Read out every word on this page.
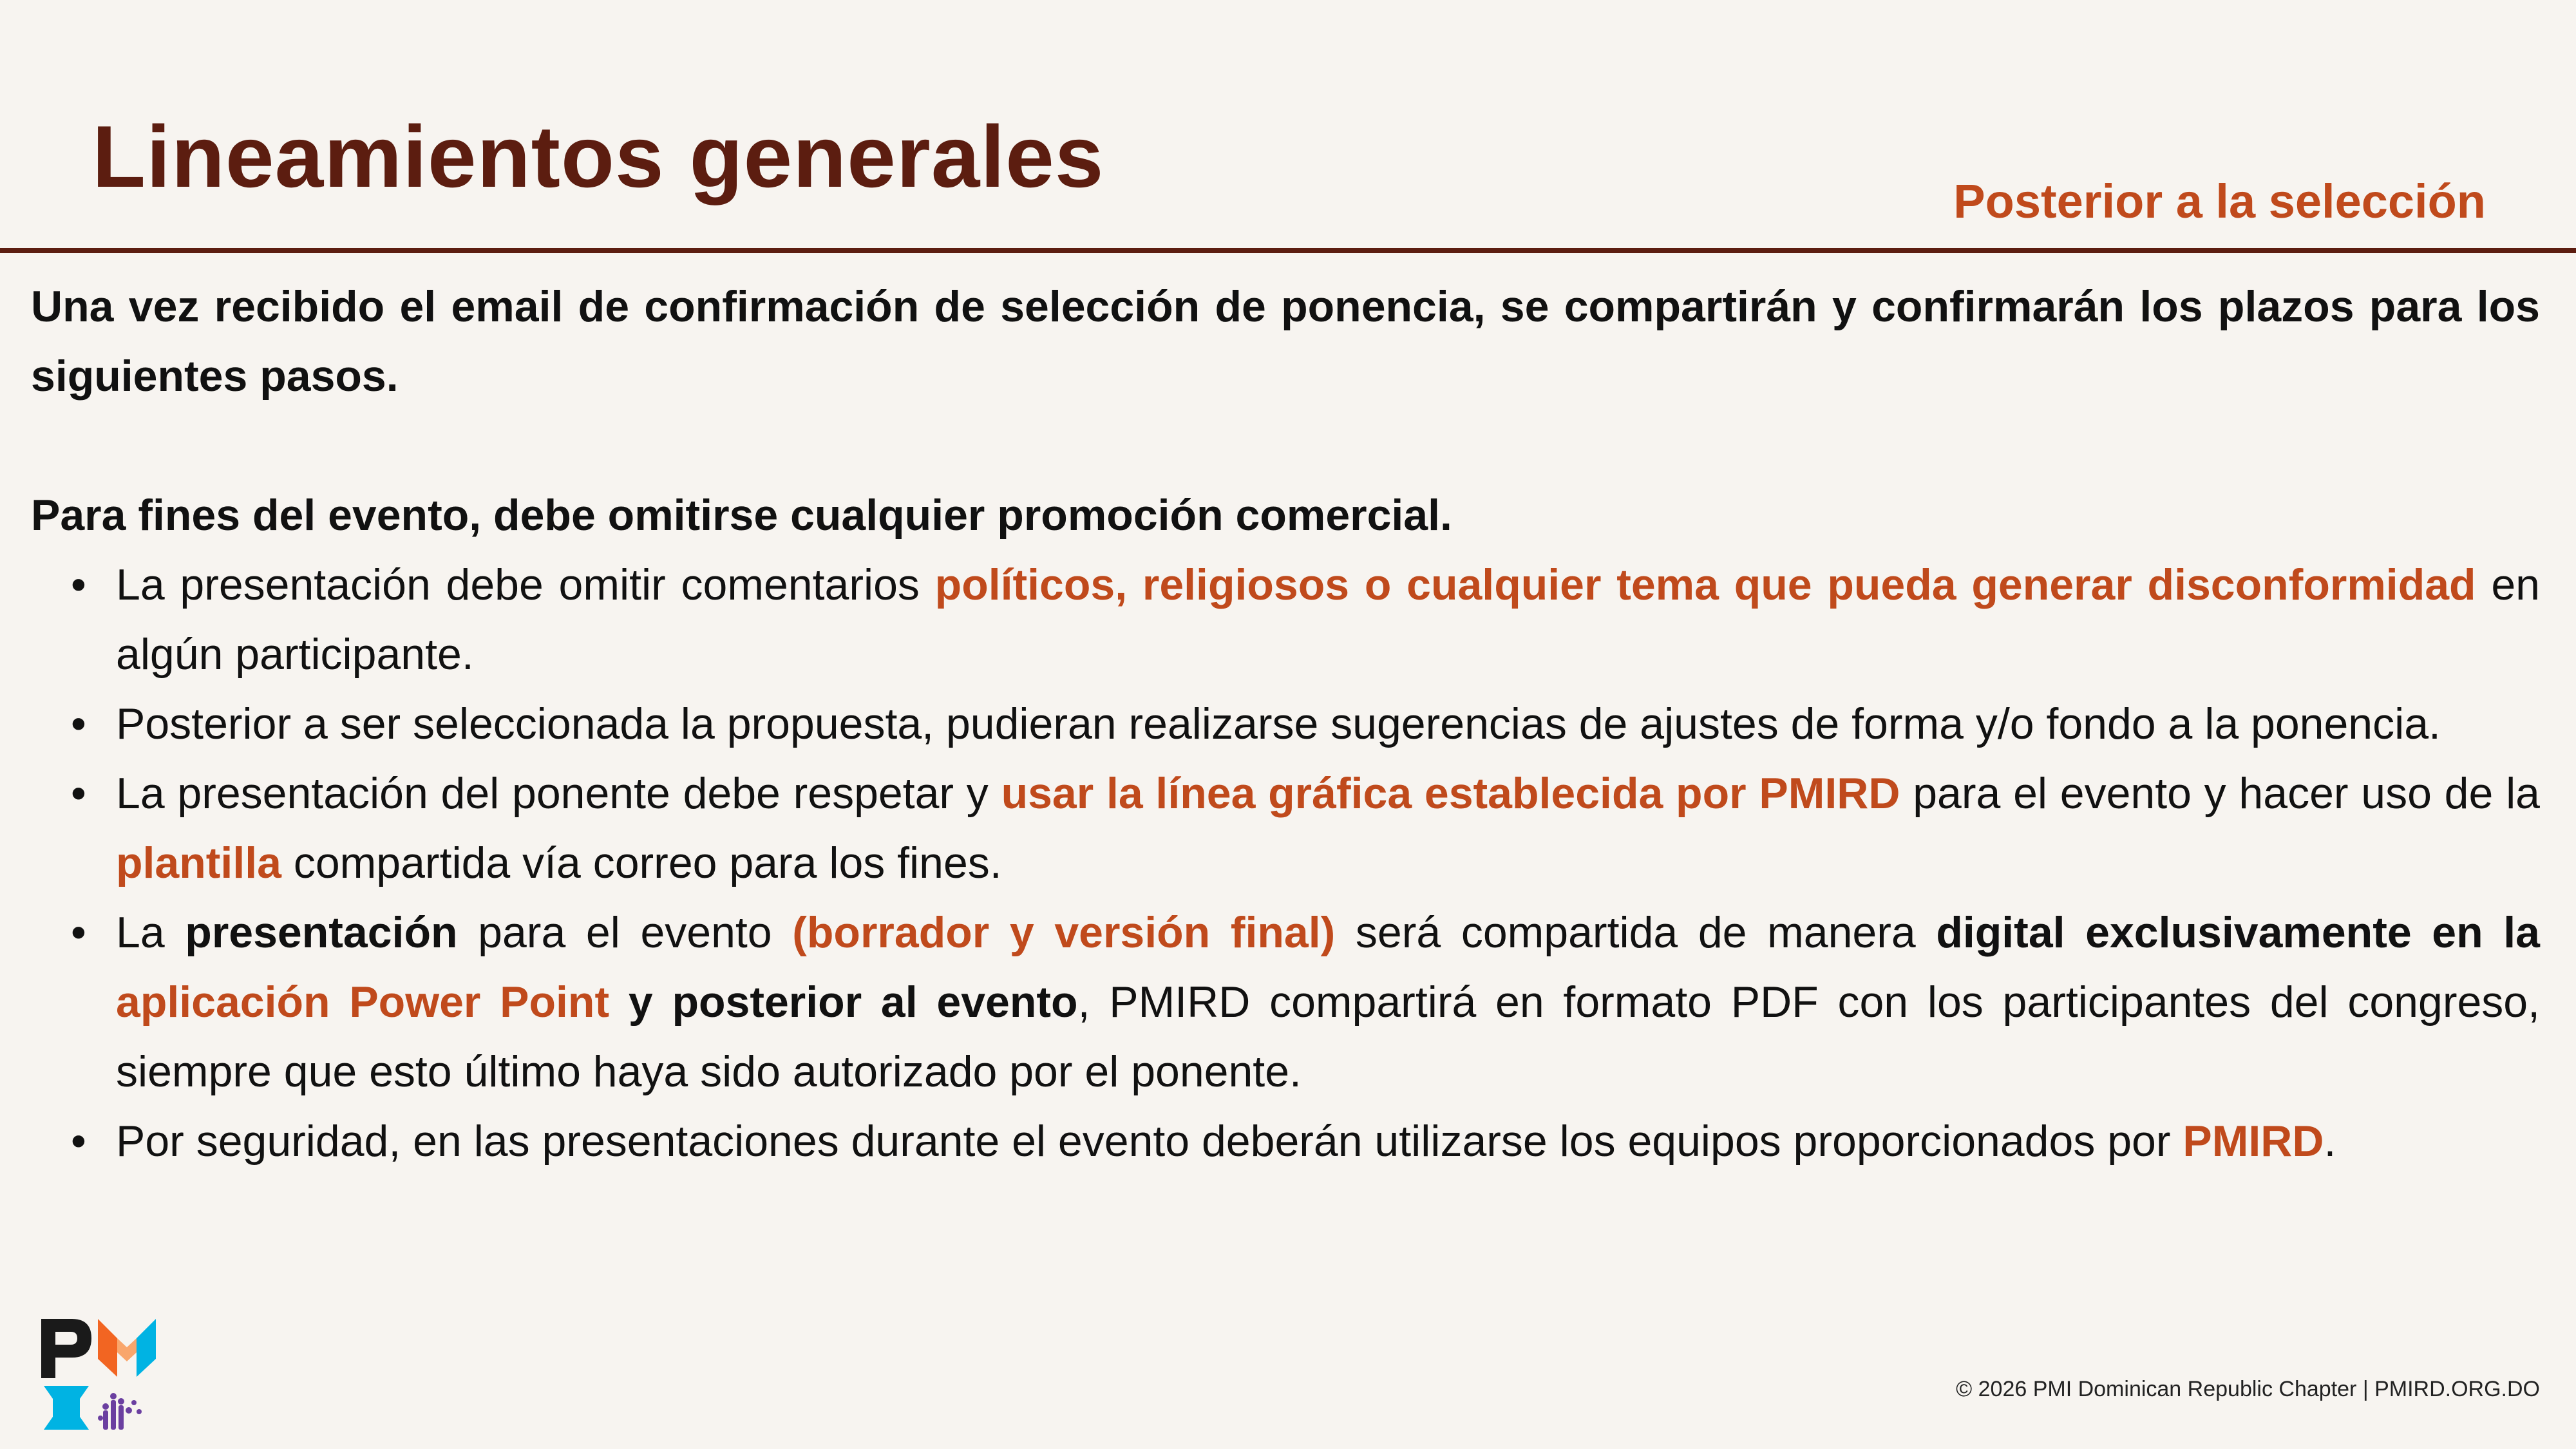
Lineamientos generales	Posterior a la selección

Una vez recibido el email de confirmación de selección de ponencia, se compartirán y confirmarán los plazos para los siguientes pasos.

Para fines del evento, debe omitirse cualquier promoción comercial.

• La presentación debe omitir comentarios políticos, religiosos o cualquier tema que pueda generar disconformidad en algún participante.
• Posterior a ser seleccionada la propuesta, pudieran realizarse sugerencias de ajustes de forma y/o fondo a la ponencia.
• La presentación del ponente debe respetar y usar la línea gráfica establecida por PMIRD para el evento y hacer uso de la plantilla compartida vía correo para los fines.
• La presentación para el evento (borrador y versión final) será compartida de manera digital exclusivamente en la aplicación Power Point y posterior al evento, PMIRD compartirá en formato PDF con los participantes del congreso, siempre que esto último haya sido autorizado por el ponente.
• Por seguridad, en las presentaciones durante el evento deberán utilizarse los equipos proporcionados por PMIRD.
© 2026 PMI Dominican Republic Chapter | PMIRD.ORG.DO
